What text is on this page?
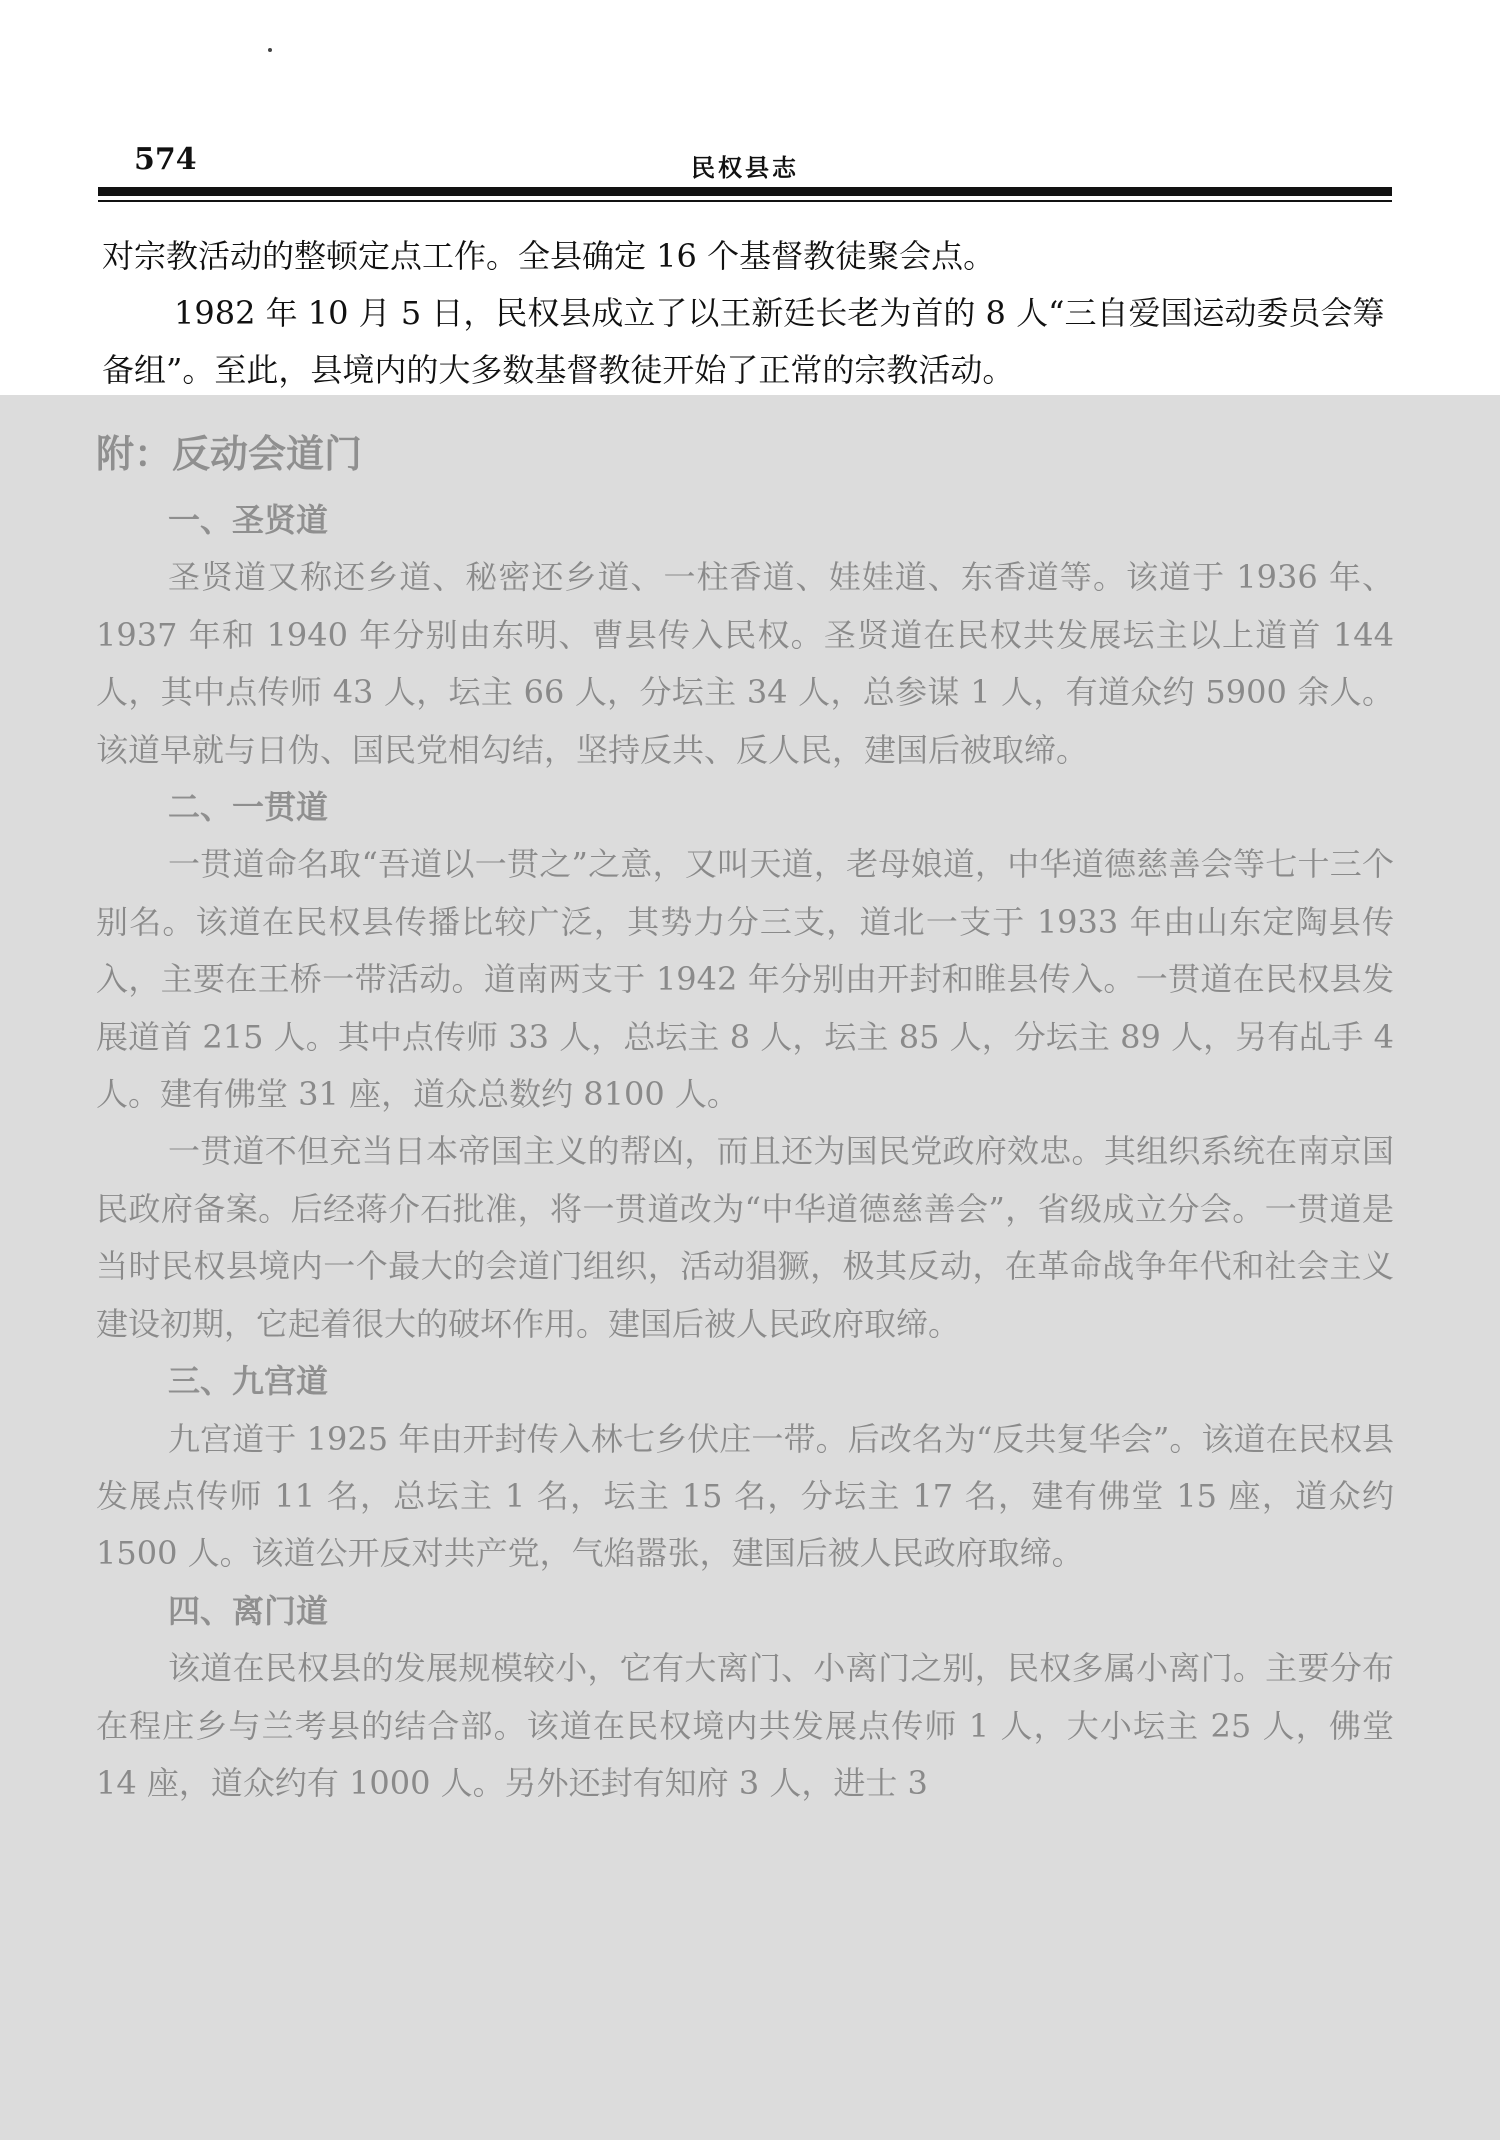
574	民权县志

对宗教活动的整顿定点工作。全县确定 16 个基督教徒聚会点。

1982 年 10 月 5 日，民权县成立了以王新廷长老为首的 8 人“三自爱国运动委员会筹备组”。至此，县境内的大多数基督教徒开始了正常的宗教活动。

附：反动会道门

一、圣贤道

圣贤道又称还乡道、秘密还乡道、一柱香道、娃娃道、东香道等。该道于 1936 年、1937 年和 1940 年分别由东明、曹县传入民权。圣贤道在民权共发展坛主以上道首 144 人，其中点传师 43 人，坛主 66 人，分坛主 34 人，总参谋 1 人，有道众约 5900 余人。该道早就与日伪、国民党相勾结，坚持反共、反人民，建国后被取缔。

二、一贯道

一贯道命名取“吾道以一贯之”之意，又叫天道，老母娘道，中华道德慈善会等七十三个别名。该道在民权县传播比较广泛，其势力分三支，道北一支于 1933 年由山东定陶县传入，主要在王桥一带活动。道南两支于 1942 年分别由开封和睢县传入。一贯道在民权县发展道首 215 人。其中点传师 33 人，总坛主 8 人，坛主 85 人，分坛主 89 人，另有乩手 4 人。建有佛堂 31 座，道众总数约 8100 人。

一贯道不但充当日本帝国主义的帮凶，而且还为国民党政府效忠。其组织系统在南京国民政府备案。后经蒋介石批准，将一贯道改为“中华道德慈善会”，省级成立分会。一贯道是当时民权县境内一个最大的会道门组织，活动猖獗，极其反动，在革命战争年代和社会主义建设初期，它起着很大的破坏作用。建国后被人民政府取缔。

三、九宫道

九宫道于 1925 年由开封传入林七乡伏庄一带。后改名为“反共复华会”。该道在民权县发展点传师 11 名，总坛主 1 名，坛主 15 名，分坛主 17 名，建有佛堂 15 座，道众约 1500 人。该道公开反对共产党，气焰嚣张，建国后被人民政府取缔。

四、离门道

该道在民权县的发展规模较小，它有大离门、小离门之别，民权多属小离门。主要分布在程庄乡与兰考县的结合部。该道在民权境内共发展点传师 1 人，大小坛主 25 人，佛堂 14 座，道众约有 1000 人。另外还封有知府 3 人，进士 3
